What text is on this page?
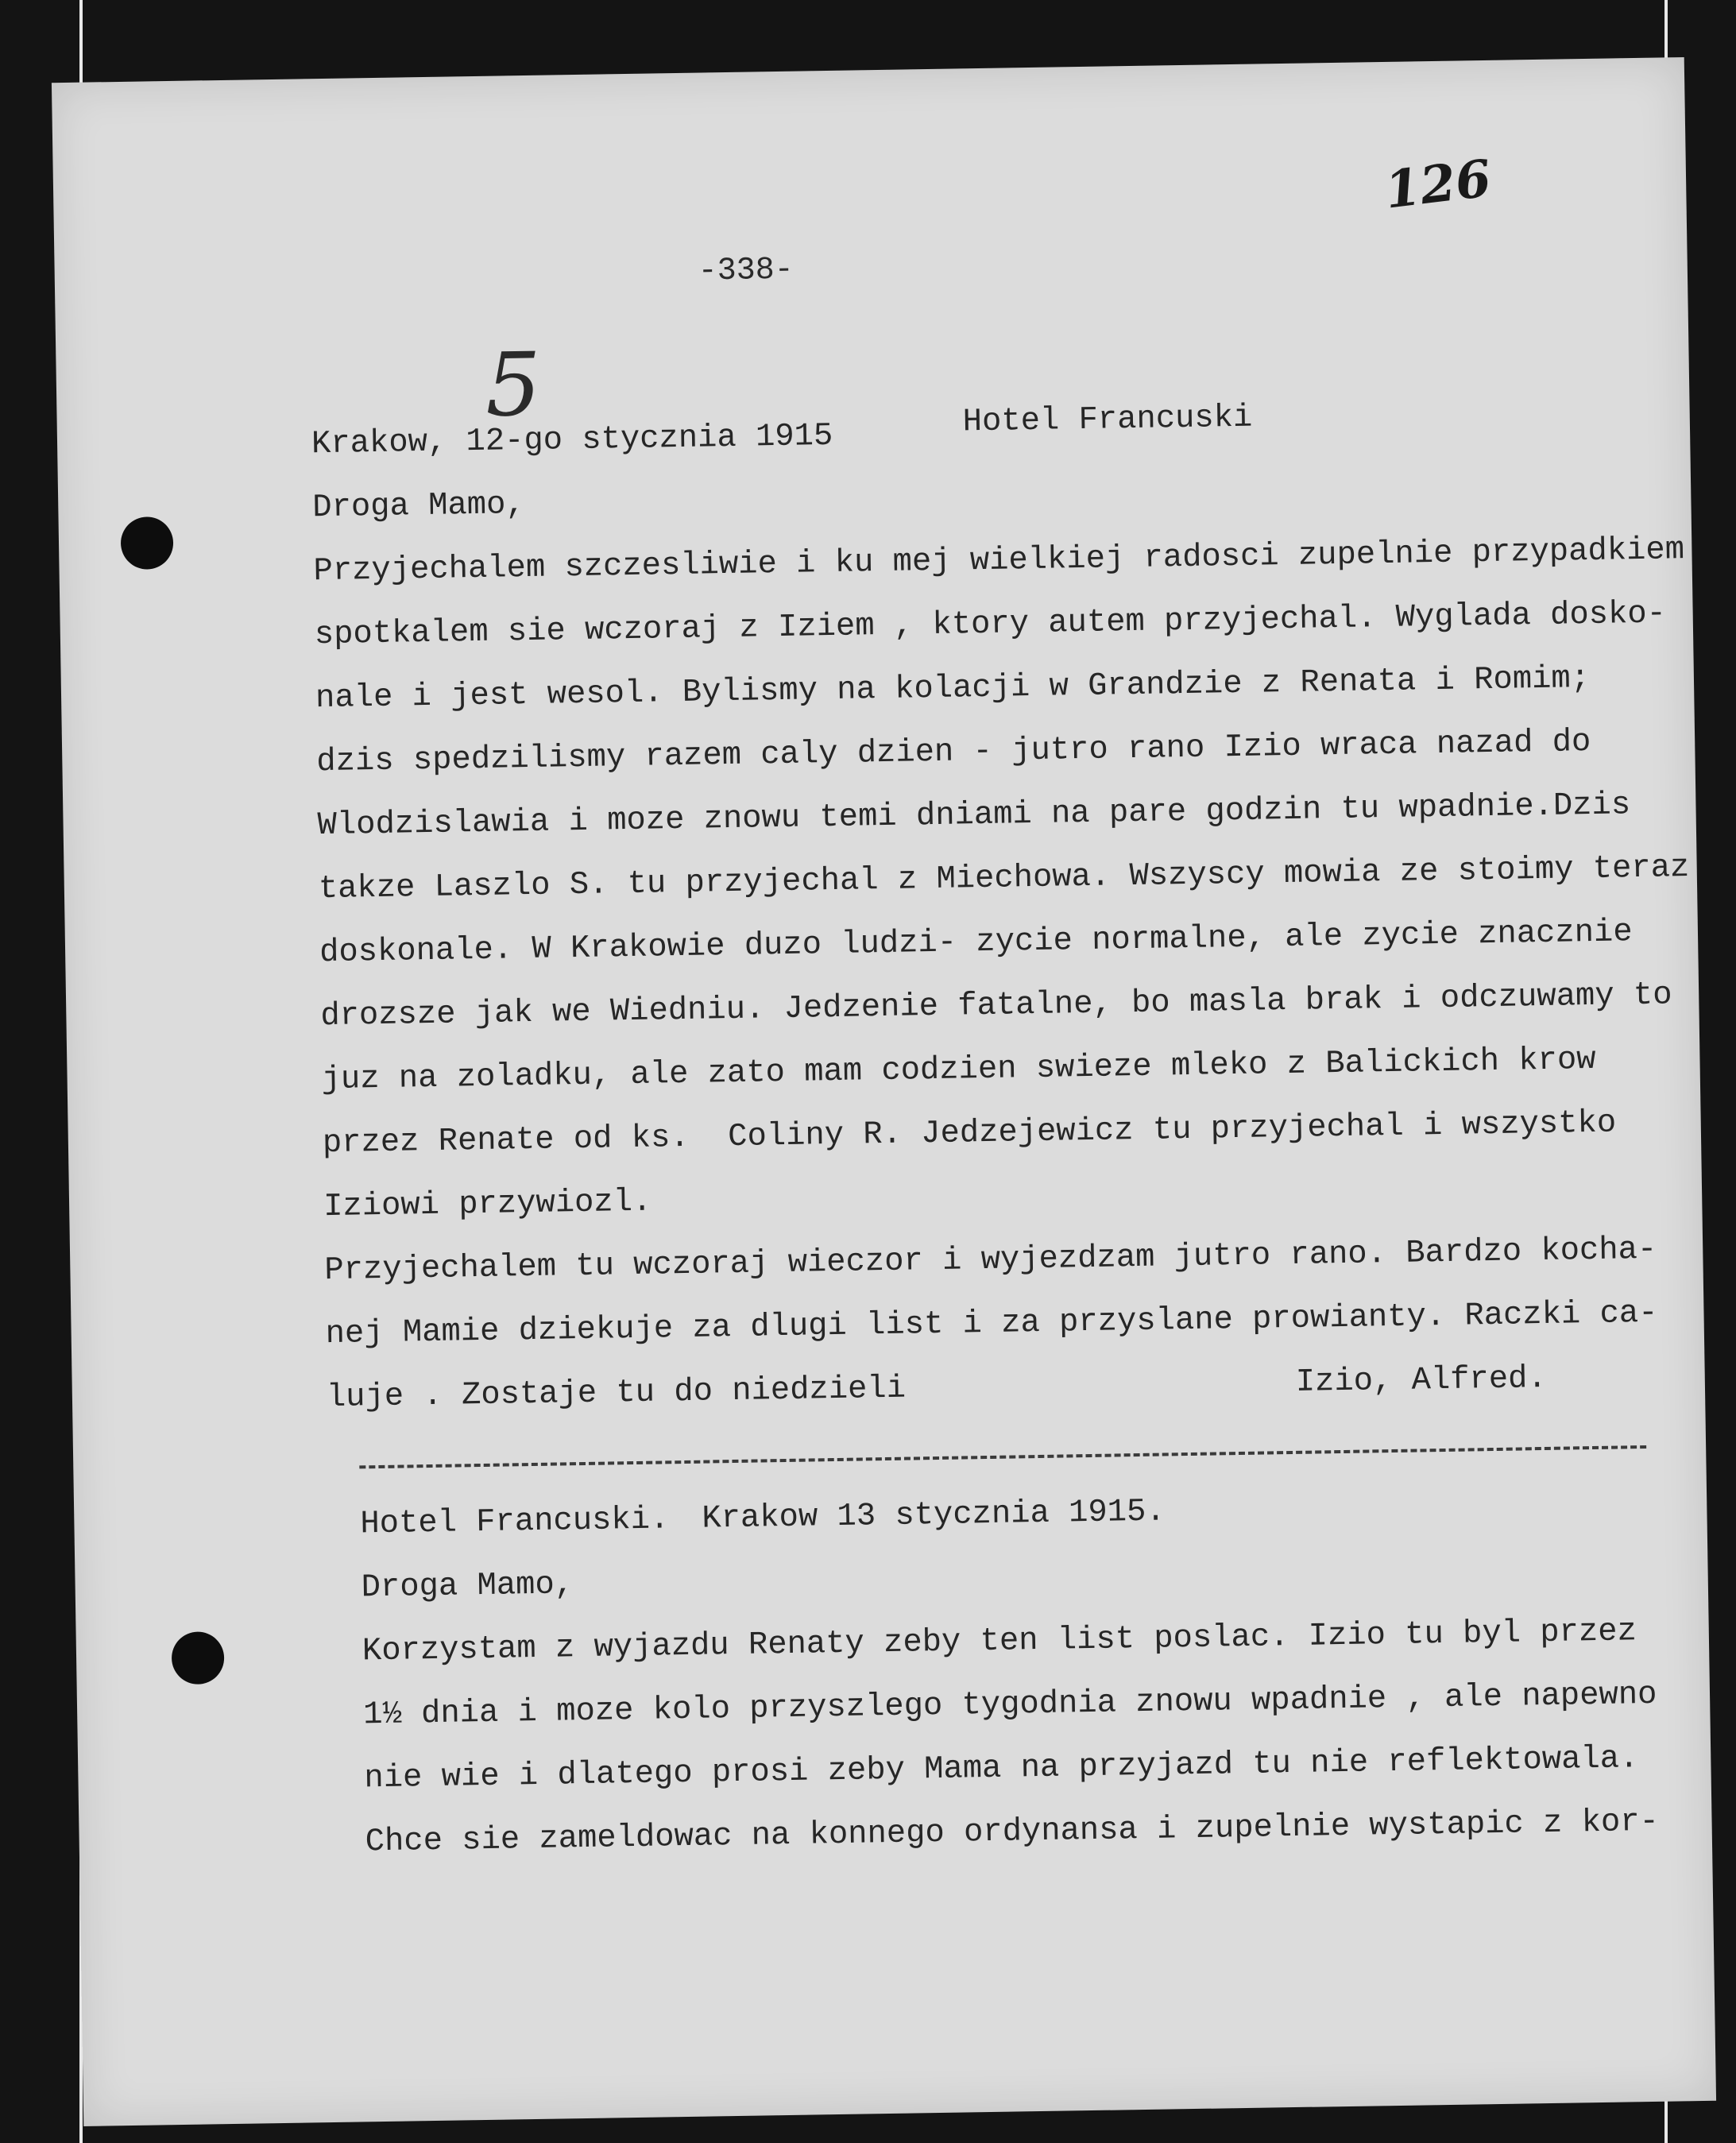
126
-338-
5
Krakow, 12-go stycznia 1915	Hotel Francuski
Droga Mamo,
Przyjechalem szczesliwie i ku mej wielkiej radosci zupelnie przypadkiem
spotkalem sie wczoraj z Iziem , ktory autem przyjechal. Wyglada dosko-
nale i jest wesol. Bylismy na kolacji w Grandzie z Renata i Romim;
dzis spedzilismy razem caly dzien - jutro rano Izio wraca nazad do
Wlodzislawia i moze znowu temi dniami na pare godzin tu wpadnie.Dzis
takze Laszlo S. tu przyjechal z Miechowa. Wszyscy mowia ze stoimy teraz
doskonale. W Krakowie duzo ludzi- zycie normalne, ale zycie znacznie
drozsze jak we Wiedniu. Jedzenie fatalne, bo masla brak i odczuwamy to
juz na zoladku, ale zato mam codzien swieze mleko z Balickich krow
przez Renate od ks.  Coliny R. Jedzejewicz tu przyjechal i wszystko
Iziowi przywiozl.
Przyjechalem tu wczoraj wieczor i wyjezdzam jutro rano. Bardzo kocha-
nej Mamie dziekuje za dlugi list i za przyslane prowianty. Raczki ca-
luje . Zostaje tu do niedzieli	Izio, Alfred.
Hotel Francuski. Krakow 13 stycznia 1915.
Droga Mamo,
Korzystam z wyjazdu Renaty zeby ten list poslac. Izio tu byl przez
1½ dnia i moze kolo przyszlego tygodnia znowu wpadnie , ale napewno
nie wie i dlatego prosi zeby Mama na przyjazd tu nie reflektowala.
Chce sie zameldowac na konnego ordynansa i zupelnie wystapic z kor-
